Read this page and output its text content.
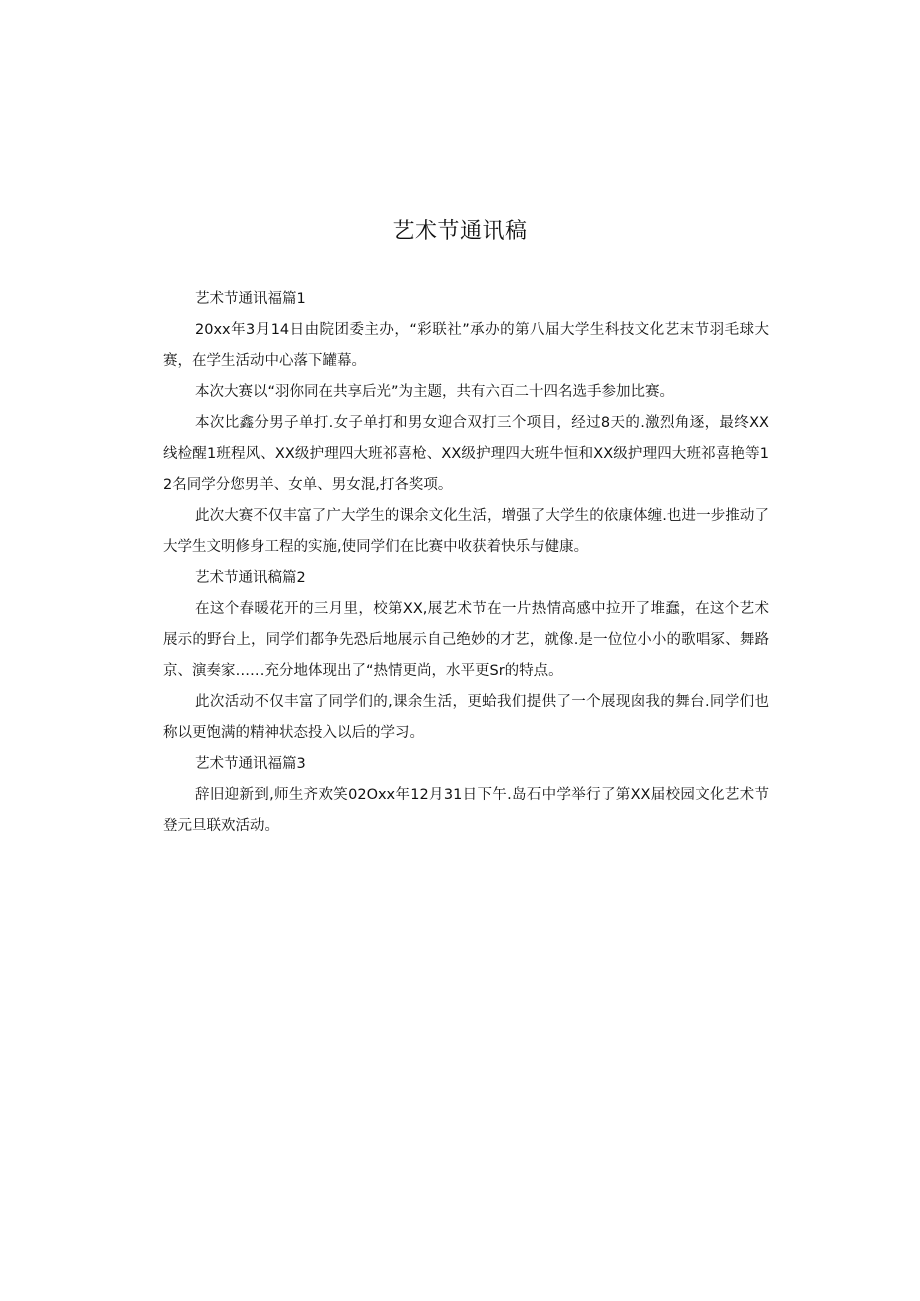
艺术节通讯稿

艺术节通讯福篇1

20xx年3月14日由院团委主办，“彩联社”承办的第八届大学生科技文化艺末节羽毛球大赛，在学生活动中心落下罐幕。

本次大赛以“羽你同在共享后光”为主题，共有六百二十四名选手参加比赛。

本次比鑫分男子单打.女子单打和男女迎合双打三个项目，经过8天的.激烈角逐，最终XX线检醒1班程风、XX级护理四大班祁喜枪、XX级护理四大班牛恒和XX级护理四大班祁喜艳等12名同学分您男羊、女单、男女混,打各奖项。

此次大赛不仅丰富了广大学生的课余文化生活，增强了大学生的依康体缠.也进一步推动了大学生文明修身工程的实施,使同学们在比赛中收获着快乐与健康。

艺术节通讯稿篇2

在这个春暖花开的三月里，校第XX,展艺术节在一片热情高感中拉开了堆蠢，在这个艺术展示的野台上，同学们都争先恐后地展示自己绝妙的才艺，就像.是一位位小小的歌唱冢、舞路京、演奏家……充分地体现出了“热情更尚，水平更Sr的特点。

此次活动不仅丰富了同学们的,课余生活，更蛤我们提供了一个展现囱我的舞台.同学们也称以更饱满的精神状态投入以后的学习。

艺术节通讯福篇3

辞旧迎新到,师生齐欢笑02Oxx年12月31日下午.岛石中学举行了第XX届校园文化艺术节登元旦联欢活动。
